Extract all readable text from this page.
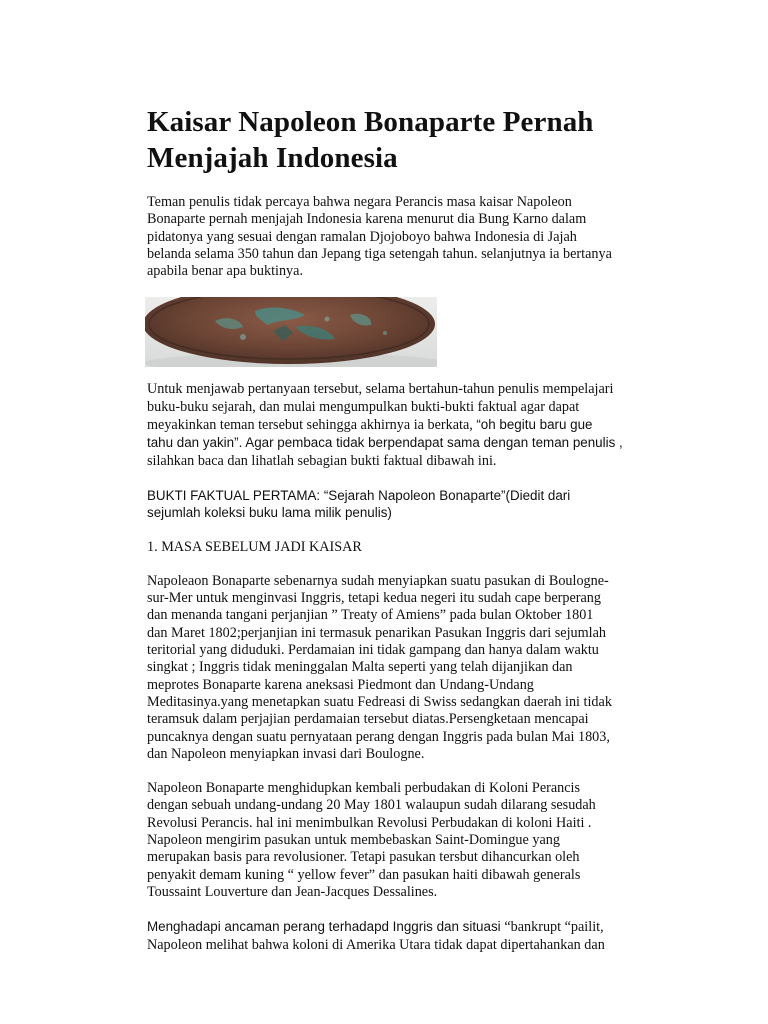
Kaisar Napoleon Bonaparte Pernah
Menjajah Indonesia

Teman penulis tidak percaya bahwa negara Perancis masa kaisar Napoleon
Bonaparte pernah menjajah Indonesia karena menurut dia Bung Karno dalam
pidatonya yang sesuai dengan ramalan Djojoboyo bahwa Indonesia di Jajah
belanda selama 350 tahun dan Jepang tiga setengah tahun. selanjutnya ia bertanya
apabila benar apa buktinya.

Untuk menjawab pertanyaan tersebut, selama bertahun-tahun penulis mempelajari
buku-buku sejarah, dan mulai mengumpulkan bukti-bukti faktual agar dapat
meyakinkan teman tersebut sehingga akhirnya ia berkata, “oh begitu baru gue
tahu dan yakin”. Agar pembaca tidak berpendapat sama dengan teman penulis ,
silahkan baca dan lihatlah sebagian bukti faktual dibawah ini.

BUKTI FAKTUAL PERTAMA: “Sejarah Napoleon Bonaparte”(Diedit dari
sejumlah koleksi buku lama milik penulis)

1. MASA SEBELUM JADI KAISAR

Napoleaon Bonaparte sebenarnya sudah menyiapkan suatu pasukan di Boulogne-
sur-Mer untuk menginvasi Inggris, tetapi kedua negeri itu sudah cape berperang
dan menanda tangani perjanjian ” Treaty of Amiens” pada bulan Oktober 1801
dan Maret 1802;perjanjian ini termasuk penarikan Pasukan Inggris dari sejumlah
teritorial yang diduduki. Perdamaian ini tidak gampang dan hanya dalam waktu
singkat ; Inggris tidak meninggalan Malta seperti yang telah dijanjikan dan
meprotes Bonaparte karena aneksasi Piedmont dan Undang-Undang
Meditasinya.yang menetapkan suatu Fedreasi di Swiss sedangkan daerah ini tidak
teramsuk dalam perjajian perdamaian tersebut diatas.Persengketaan mencapai
puncaknya dengan suatu pernyataan perang dengan Inggris pada bulan Mai 1803,
dan Napoleon menyiapkan invasi dari Boulogne.

Napoleon Bonaparte menghidupkan kembali perbudakan di Koloni Perancis
dengan sebuah undang-undang 20 May 1801 walaupun sudah dilarang sesudah
Revolusi Perancis. hal ini menimbulkan Revolusi Perbudakan di koloni Haiti .
Napoleon mengirim pasukan untuk membebaskan Saint-Domingue yang
merupakan basis para revolusioner. Tetapi pasukan tersbut dihancurkan oleh
penyakit demam kuning “ yellow fever” dan pasukan haiti dibawah generals
Toussaint Louverture dan Jean-Jacques Dessalines.

Menghadapi ancaman perang terhadapd Inggris dan situasi “bankrupt “pailit,
Napoleon melihat bahwa koloni di Amerika Utara tidak dapat dipertahankan dan
